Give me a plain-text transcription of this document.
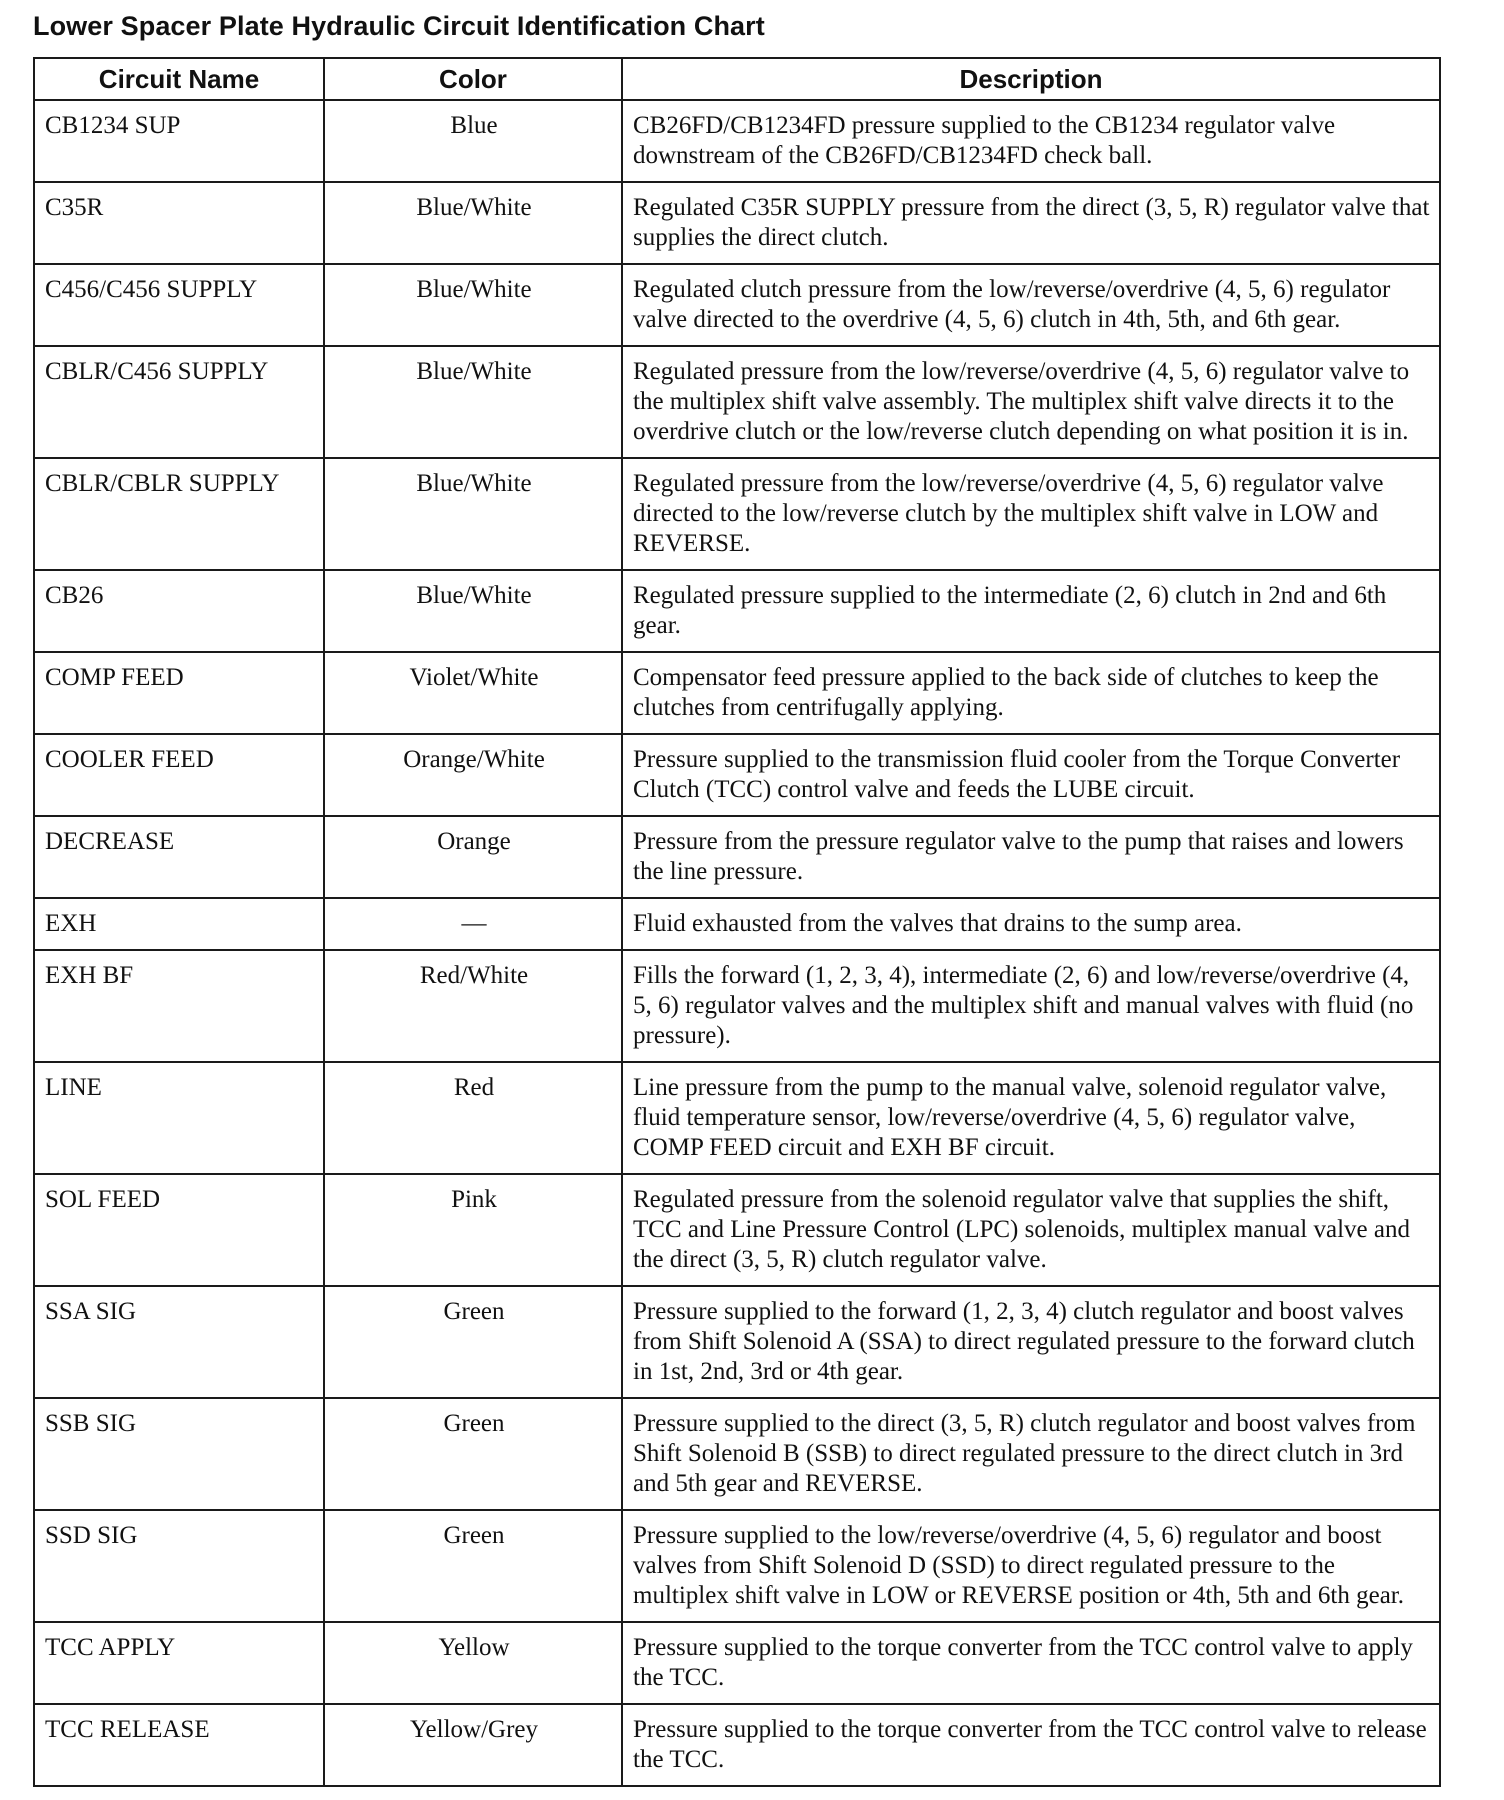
Lower Spacer Plate Hydraulic Circuit Identification Chart
Circuit Name	Color	Description
CB1234 SUP	Blue	CB26FD/CB1234FD pressure supplied to the CB1234 regulator valve downstream of the CB26FD/CB1234FD check ball.
C35R	Blue/White	Regulated C35R SUPPLY pressure from the direct (3, 5, R) regulator valve that supplies the direct clutch.
C456/C456 SUPPLY	Blue/White	Regulated clutch pressure from the low/reverse/overdrive (4, 5, 6) regulator valve directed to the overdrive (4, 5, 6) clutch in 4th, 5th, and 6th gear.
CBLR/C456 SUPPLY	Blue/White	Regulated pressure from the low/reverse/overdrive (4, 5, 6) regulator valve to the multiplex shift valve assembly. The multiplex shift valve directs it to the overdrive clutch or the low/reverse clutch depending on what position it is in.
CBLR/CBLR SUPPLY	Blue/White	Regulated pressure from the low/reverse/overdrive (4, 5, 6) regulator valve directed to the low/reverse clutch by the multiplex shift valve in LOW and REVERSE.
CB26	Blue/White	Regulated pressure supplied to the intermediate (2, 6) clutch in 2nd and 6th gear.
COMP FEED	Violet/White	Compensator feed pressure applied to the back side of clutches to keep the clutches from centrifugally applying.
COOLER FEED	Orange/White	Pressure supplied to the transmission fluid cooler from the Torque Converter Clutch (TCC) control valve and feeds the LUBE circuit.
DECREASE	Orange	Pressure from the pressure regulator valve to the pump that raises and lowers the line pressure.
EXH	—	Fluid exhausted from the valves that drains to the sump area.
EXH BF	Red/White	Fills the forward (1, 2, 3, 4), intermediate (2, 6) and low/reverse/overdrive (4, 5, 6) regulator valves and the multiplex shift and manual valves with fluid (no pressure).
LINE	Red	Line pressure from the pump to the manual valve, solenoid regulator valve, fluid temperature sensor, low/reverse/overdrive (4, 5, 6) regulator valve, COMP FEED circuit and EXH BF circuit.
SOL FEED	Pink	Regulated pressure from the solenoid regulator valve that supplies the shift, TCC and Line Pressure Control (LPC) solenoids, multiplex manual valve and the direct (3, 5, R) clutch regulator valve.
SSA SIG	Green	Pressure supplied to the forward (1, 2, 3, 4) clutch regulator and boost valves from Shift Solenoid A (SSA) to direct regulated pressure to the forward clutch in 1st, 2nd, 3rd or 4th gear.
SSB SIG	Green	Pressure supplied to the direct (3, 5, R) clutch regulator and boost valves from Shift Solenoid B (SSB) to direct regulated pressure to the direct clutch in 3rd and 5th gear and REVERSE.
SSD SIG	Green	Pressure supplied to the low/reverse/overdrive (4, 5, 6) regulator and boost valves from Shift Solenoid D (SSD) to direct regulated pressure to the multiplex shift valve in LOW or REVERSE position or 4th, 5th and 6th gear.
TCC APPLY	Yellow	Pressure supplied to the torque converter from the TCC control valve to apply the TCC.
TCC RELEASE	Yellow/Grey	Pressure supplied to the torque converter from the TCC control valve to release the TCC.
